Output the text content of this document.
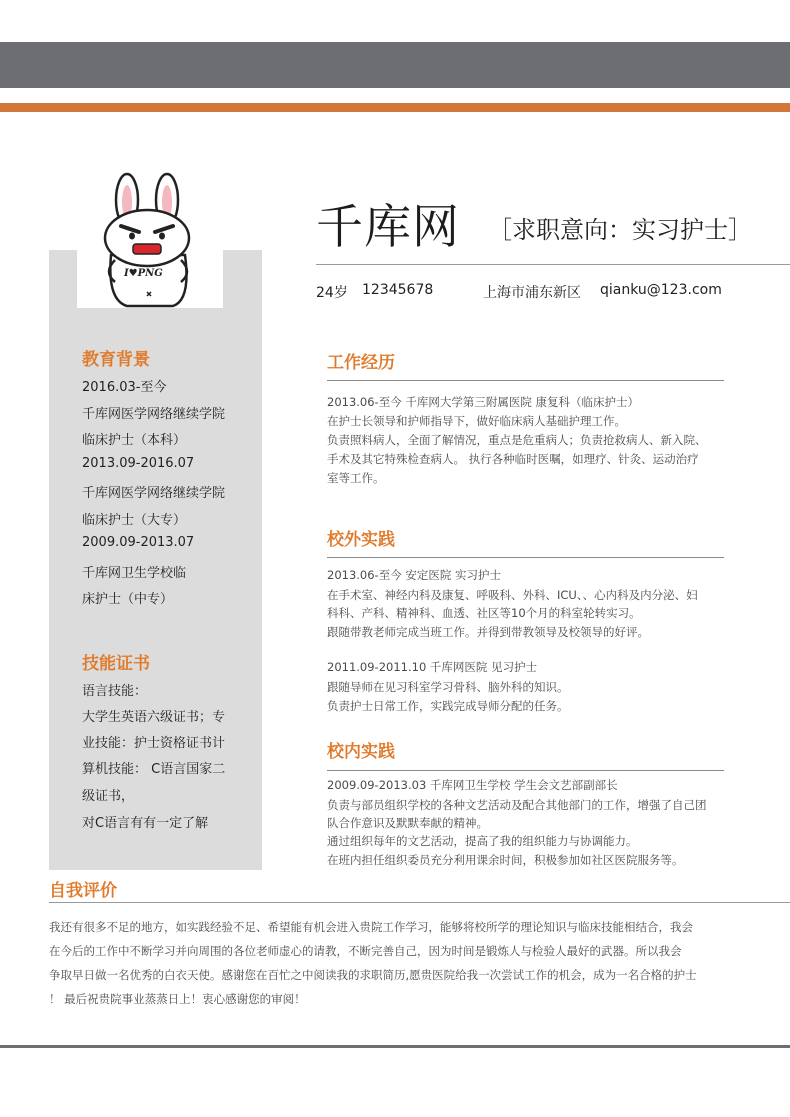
I♥PNG
千库网 ［求职意向：实习护士］
24岁 12345678	上海市浦东新区 qianku@123.com
教育背景
2016.03-至今
千库网医学网络继续学院
临床护士（本科）
2013.09-2016.07
千库网医学网络继续学院
临床护士（大专）
2009.09-2013.07
千库网卫生学校临
床护士（中专）
技能证书
语言技能：
大学生英语六级证书；专
业技能：护士资格证书计
算机技能： C语言国家二
级证书，
对C语言有有一定了解
工作经历
2013.06-至今 千库网大学第三附属医院 康复科（临床护士）
在护士长领导和护师指导下，做好临床病人基础护理工作。
负责照料病人，全面了解情况，重点是危重病人；负责抢救病人、新入院、
手术及其它特殊检查病人。 执行各种临时医嘱，如理疗、针灸、运动治疗
室等工作。
校外实践
2013.06-至今 安定医院 实习护士
在手术室、神经内科及康复、呼吸科、外科、ICU、、心内科及内分泌、妇
科科、产科、精神科、血透、社区等10个月的科室轮转实习。
跟随带教老师完成当班工作。并得到带教领导及校领导的好评。
2011.09-2011.10 千库网医院 见习护士
跟随导师在见习科室学习骨科、脑外科的知识。
负责护士日常工作，实践完成导师分配的任务。
校内实践
2009.09-2013.03 千库网卫生学校 学生会文艺部副部长
负责与部员组织学校的各种文艺活动及配合其他部门的工作，增强了自己团
队合作意识及默默奉献的精神。
通过组织每年的文艺活动，提高了我的组织能力与协调能力。
在班内担任组织委员充分利用课余时间，积极参加如社区医院服务等。
自我评价
我还有很多不足的地方，如实践经验不足、希望能有机会进入贵院工作学习，能够将校所学的理论知识与临床技能相结合，我会
在今后的工作中不断学习并向周围的各位老师虚心的请教，不断完善自己，因为时间是锻炼人与检验人最好的武器。所以我会
争取早日做一名优秀的白衣天使。感谢您在百忙之中阅读我的求职简历,愿贵医院给我一次尝试工作的机会，成为一名合格的护士
！ 最后祝贵院事业蒸蒸日上！衷心感谢您的审阅！
